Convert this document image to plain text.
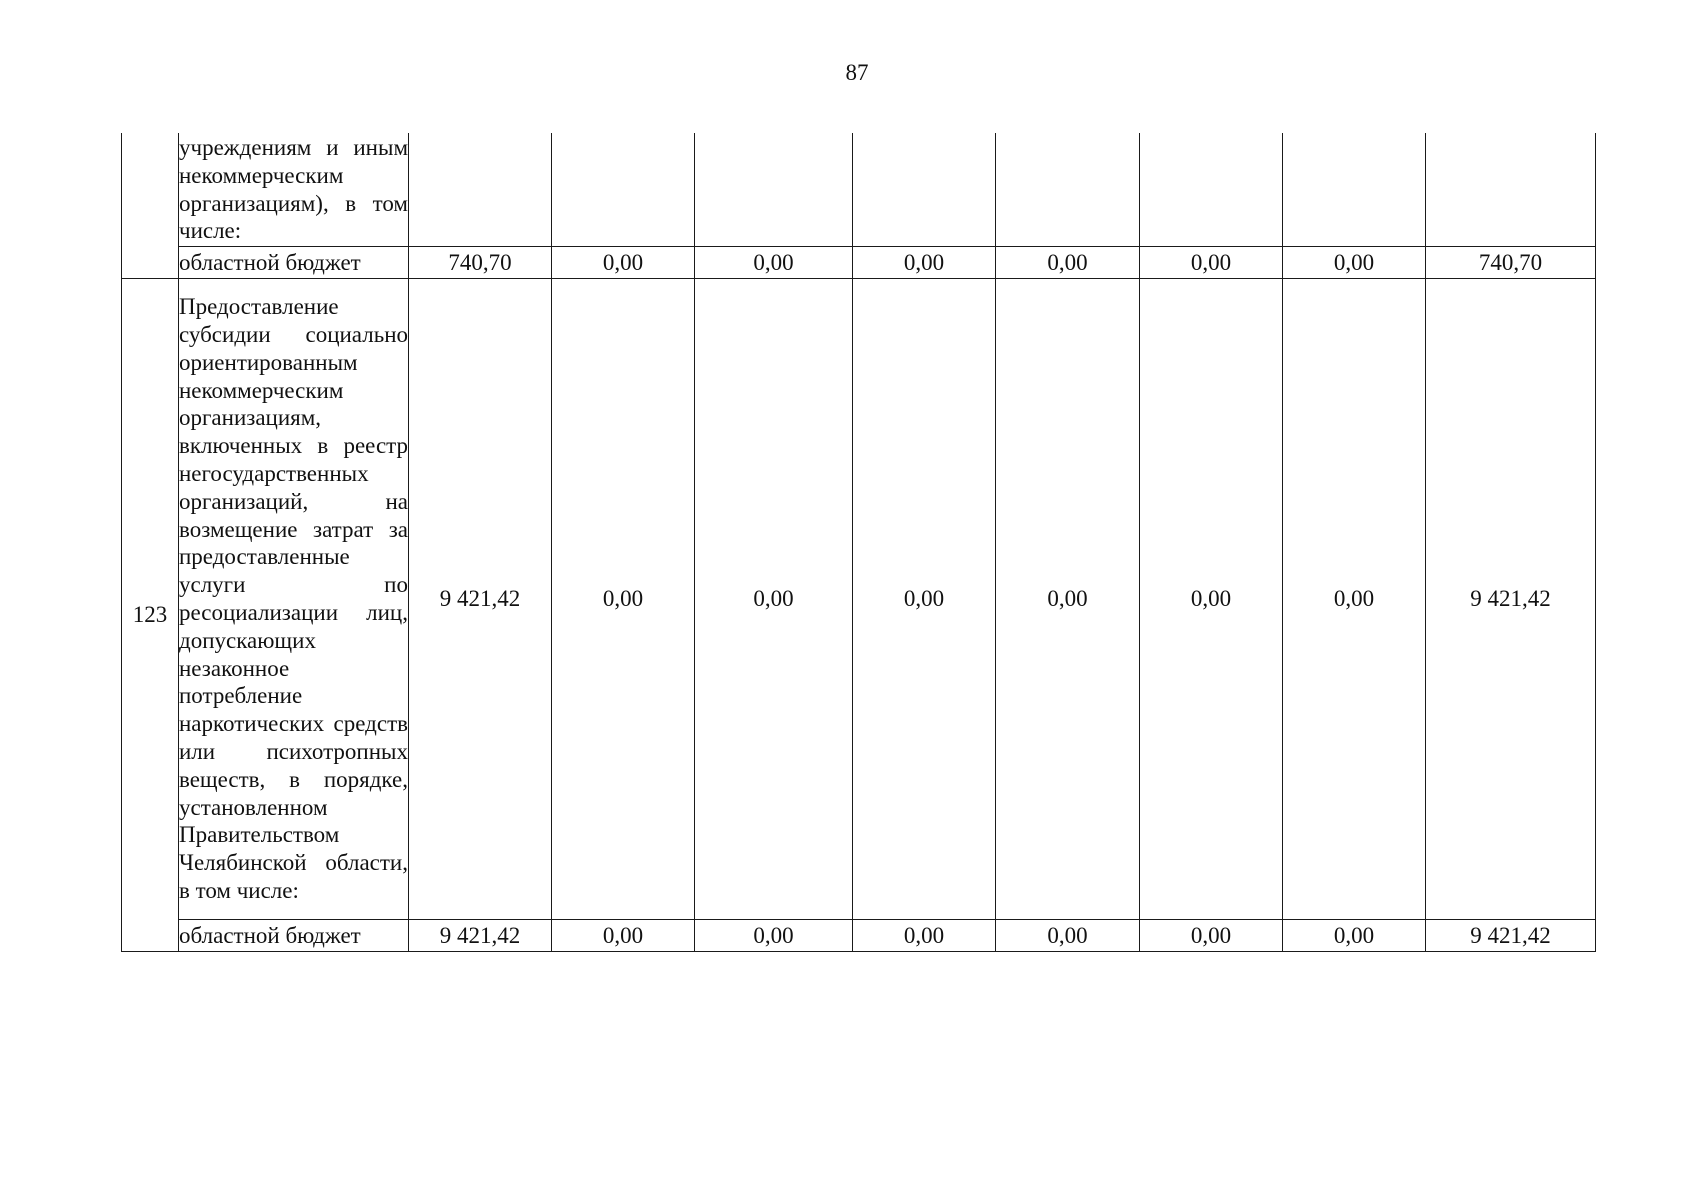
87
	учреждениям и иным некоммерческим организациям), в том числе:								
	областной бюджет	740,70	0,00	0,00	0,00	0,00	0,00	0,00	740,70
123	Предоставление субсидии социально ориентированным некоммерческим организациям, включенных в реестр негосударственных организаций, на возмещение затрат за предоставленные услуги по ресоциализации лиц, допускающих незаконное потребление наркотических средств или психотропных веществ, в порядке, установленном Правительством Челябинской области, в том числе:	9 421,42	0,00	0,00	0,00	0,00	0,00	0,00	9 421,42
	областной бюджет	9 421,42	0,00	0,00	0,00	0,00	0,00	0,00	9 421,42
